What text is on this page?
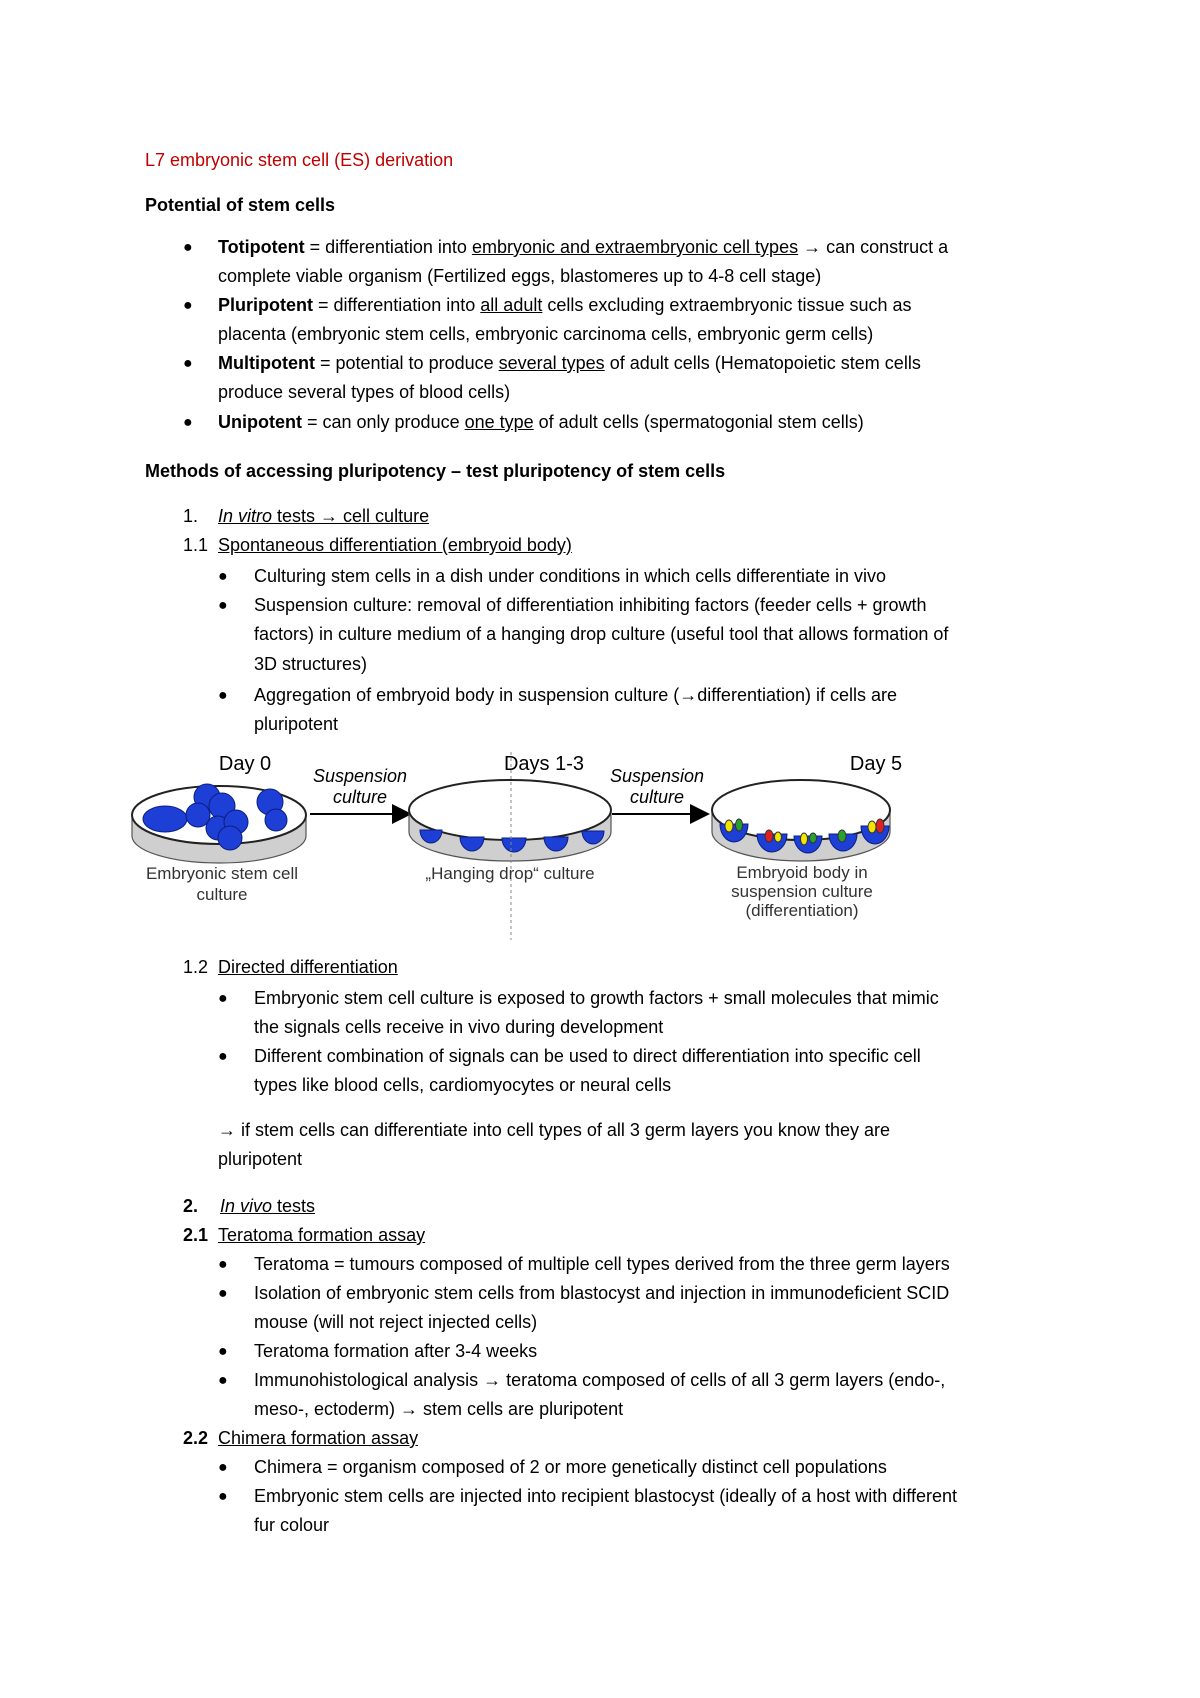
L7 embryonic stem cell (ES) derivation
Potential of stem cells
● Totipotent = differentiation into embryonic and extraembryonic cell types → can construct a
complete viable organism (Fertilized eggs, blastomeres up to 4-8 cell stage)
● Pluripotent = differentiation into all adult cells excluding extraembryonic tissue such as
placenta (embryonic stem cells, embryonic carcinoma cells, embryonic germ cells)
● Multipotent = potential to produce several types of adult cells (Hematopoietic stem cells
produce several types of blood cells)
● Unipotent = can only produce one type of adult cells (spermatogonial stem cells)
Methods of accessing pluripotency – test pluripotency of stem cells
1. In vitro tests → cell culture
1.1 Spontaneous differentiation (embryoid body)
● Culturing stem cells in a dish under conditions in which cells differentiate in vivo
● Suspension culture: removal of differentiation inhibiting factors (feeder cells + growth
factors) in culture medium of a hanging drop culture (useful tool that allows formation of
3D structures)
● Aggregation of embryoid body in suspension culture (→differentiation) if cells are
pluripotent
Day 0	Days 1-3	Day 5
Suspension
culture
Suspension
culture
Embryonic stem cell
culture
„Hanging drop“ culture	Embryoid body in
suspension culture
(differentiation)
1.2 Directed differentiation
● Embryonic stem cell culture is exposed to growth factors + small molecules that mimic
the signals cells receive in vivo during development
● Different combination of signals can be used to direct differentiation into specific cell
types like blood cells, cardiomyocytes or neural cells
→ if stem cells can differentiate into cell types of all 3 germ layers you know they are
pluripotent
2. In vivo tests
2.1 Teratoma formation assay
● Teratoma = tumours composed of multiple cell types derived from the three germ layers
● Isolation of embryonic stem cells from blastocyst and injection in immunodeficient SCID
mouse (will not reject injected cells)
● Teratoma formation after 3-4 weeks
● Immunohistological analysis → teratoma composed of cells of all 3 germ layers (endo-,
meso-, ectoderm) → stem cells are pluripotent
2.2 Chimera formation assay
● Chimera = organism composed of 2 or more genetically distinct cell populations
● Embryonic stem cells are injected into recipient blastocyst (ideally of a host with different
fur colour
